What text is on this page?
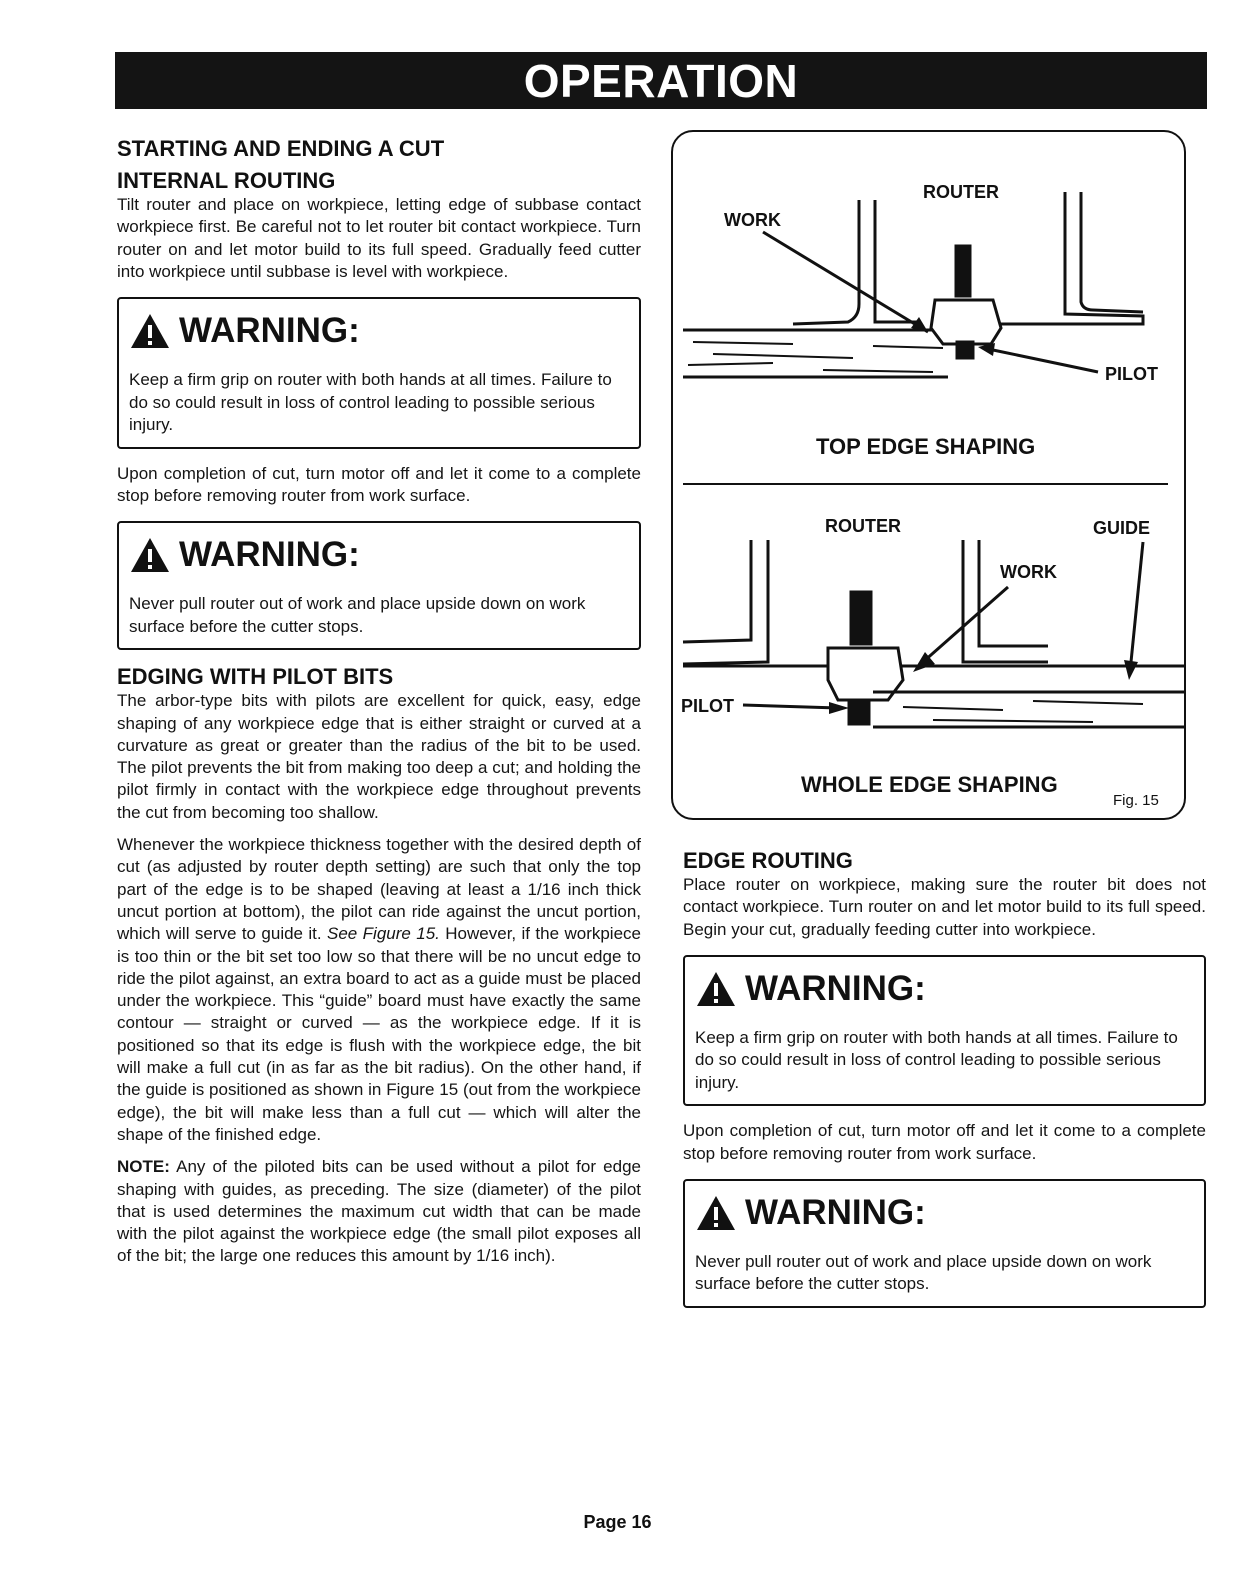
OPERATION
STARTING AND ENDING A CUT
INTERNAL ROUTING

Tilt router and place on workpiece, letting edge of subbase contact workpiece first. Be careful not to let router bit contact workpiece. Turn router on and let motor build to its full speed. Gradually feed cutter into workpiece until subbase is level with workpiece.

WARNING:

Keep a firm grip on router with both hands at all times. Failure to do so could result in loss of control leading to possible serious injury.

Upon completion of cut, turn motor off and let it come to a complete stop before removing router from work surface.

WARNING:

Never pull router out of work and place upside down on work surface before the cutter stops.

EDGING WITH PILOT BITS

The arbor-type bits with pilots are excellent for quick, easy, edge shaping of any workpiece edge that is either straight or curved at a curvature as great or greater than the radius of the bit to be used. The pilot prevents the bit from making too deep a cut; and holding the pilot firmly in contact with the workpiece edge throughout prevents the cut from becoming too shallow.

Whenever the workpiece thickness together with the desired depth of cut (as adjusted by router depth setting) are such that only the top part of the edge is to be shaped (leaving at least a 1/16 inch thick uncut portion at bottom), the pilot can ride against the uncut portion, which will serve to guide it. See Figure 15. However, if the workpiece is too thin or the bit set too low so that there will be no uncut edge to ride the pilot against, an extra board to act as a guide must be placed under the workpiece. This “guide” board must have exactly the same contour — straight or curved — as the workpiece edge. If it is positioned so that its edge is flush with the workpiece edge, the bit will make a full cut (in as far as the bit radius). On the other hand, if the guide is positioned as shown in Figure 15 (out from the workpiece edge), the bit will make less than a full cut — which will alter the shape of the finished edge.

NOTE: Any of the piloted bits can be used without a pilot for edge shaping with guides, as preceding. The size (diameter) of the pilot that is used determines the maximum cut width that can be made with the pilot against the workpiece edge (the small pilot exposes all of the bit; the large one reduces this amount by 1/16 inch).

WORK
ROUTER
PILOT
TOP EDGE SHAPING
ROUTER	GUIDE
WORK
PILOT
WHOLE EDGE SHAPING
Fig. 15
EDGE ROUTING

Place router on workpiece, making sure the router bit does not contact workpiece. Turn router on and let motor build to its full speed. Begin your cut, gradually feeding cutter into workpiece.

WARNING:

Keep a firm grip on router with both hands at all times. Failure to do so could result in loss of control leading to possible serious injury.

Upon completion of cut, turn motor off and let it come to a complete stop before removing router from work surface.

WARNING:

Never pull router out of work and place upside down on work surface before the cutter stops.

Page 16
